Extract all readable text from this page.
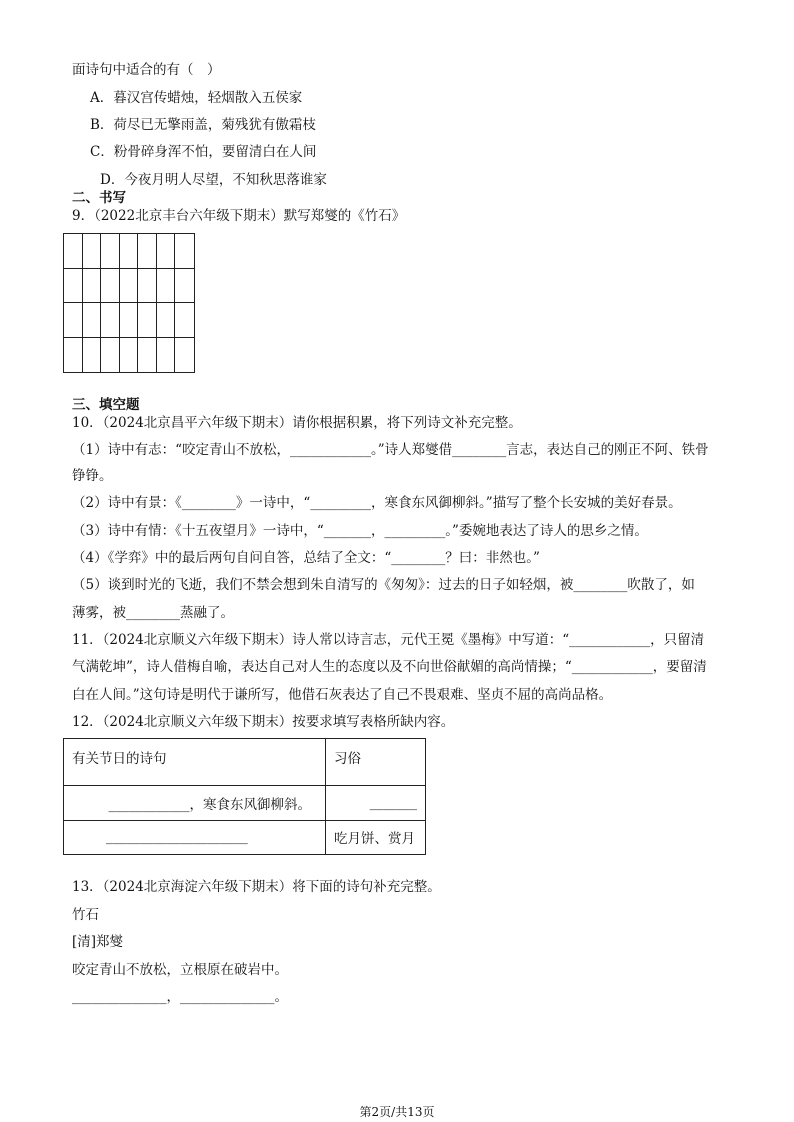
面诗句中适合的有（　）
A．暮汉宫传蜡烛，轻烟散入五侯家
B．荷尽已无擎雨盖，菊残犹有傲霜枝
C．粉骨碎身浑不怕，要留清白在人间
D．今夜月明人尽望，不知秋思落谁家
二、书写
9．（2022北京丰台六年级下期末）默写郑燮的《竹石》
三、填空题
10．（2024北京昌平六年级下期末）请你根据积累，将下列诗文补充完整。
（1）诗中有志：“咬定青山不放松，____________。”诗人郑燮借________言志，表达自己的刚正不阿、铁骨
铮铮。
（2）诗中有景：《________》一诗中，“_________，寒食东风御柳斜。”描写了整个长安城的美好春景。
（3）诗中有情：《十五夜望月》一诗中，“_______，_________。”委婉地表达了诗人的思乡之情。
（4）《学弈》中的最后两句自问自答，总结了全文：“________？曰：非然也。”
（5）谈到时光的飞逝，我们不禁会想到朱自清写的《匆匆》：过去的日子如轻烟，被________吹散了，如
薄雾，被________蒸融了。
11．（2024北京顺义六年级下期末）诗人常以诗言志，元代王冕《墨梅》中写道：“____________，只留清
气满乾坤”，诗人借梅自喻，表达自己对人生的态度以及不向世俗献媚的高尚情操；“____________，要留清
白在人间。”这句诗是明代于谦所写，他借石灰表达了自己不畏艰难、坚贞不屈的高尚品格。
12．（2024北京顺义六年级下期末）按要求填写表格所缺内容。
有关节日的诗句	习俗
____________，寒食东风御柳斜。	_______
_____________________	吃月饼、赏月
13．（2024北京海淀六年级下期末）将下面的诗句补充完整。
竹石
[清]郑燮
咬定青山不放松，立根原在破岩中。
______________，______________。
第2页/共13页
